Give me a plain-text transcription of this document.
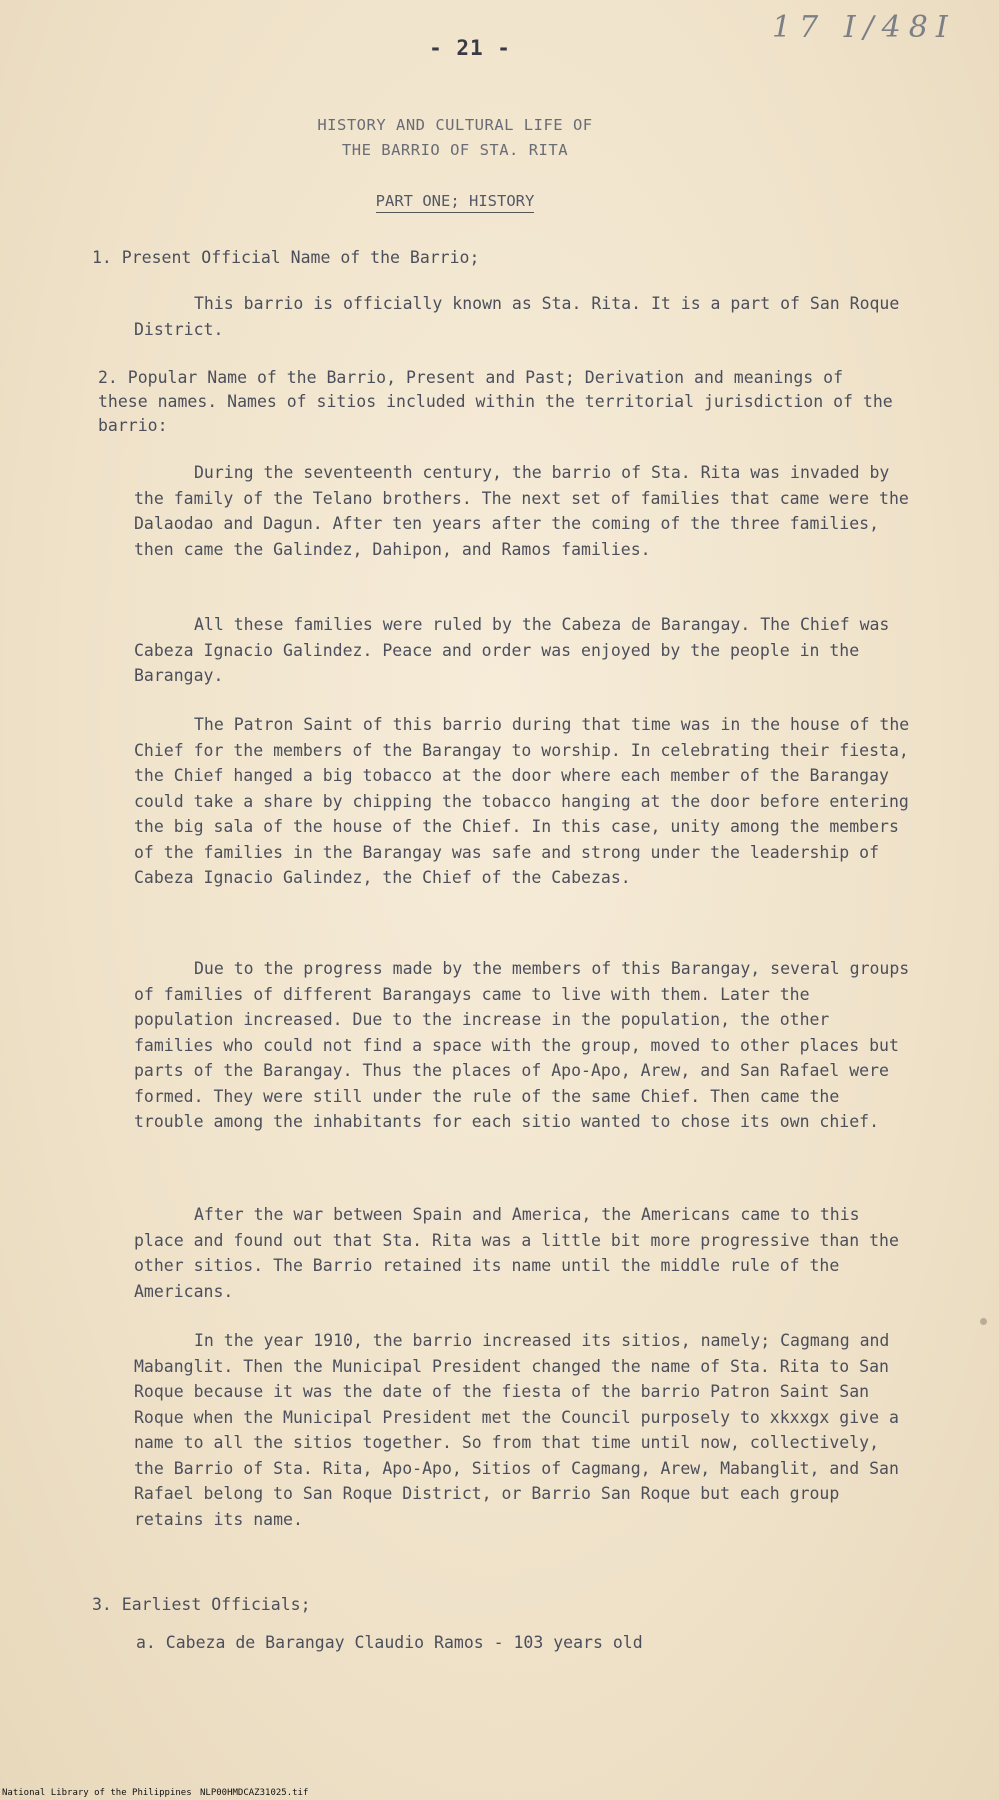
- 21 -
17 I/48I
HISTORY AND CULTURAL LIFE OF
THE BARRIO OF STA. RITA
PART ONE; HISTORY
1. Present Official Name of the Barrio;
This barrio is officially known as Sta. Rita. It is a part of San Roque District.
2. Popular Name of the Barrio, Present and Past; Derivation and meanings of these names. Names of sitios included within the territorial jurisdiction of the barrio:
During the seventeenth century, the barrio of Sta. Rita was invaded by the family of the Telano brothers. The next set of families that came were the Dalaodao and Dagun. After ten years after the coming of the three families, then came the Galindez, Dahipon, and Ramos families.
All these families were ruled by the Cabeza de Barangay. The Chief was Cabeza Ignacio Galindez. Peace and order was enjoyed by the people in the Barangay.
The Patron Saint of this barrio during that time was in the house of the Chief for the members of the Barangay to worship. In celebrating their fiesta, the Chief hanged a big tobacco at the door where each member of the Barangay could take a share by chipping the tobacco hanging at the door before entering the big sala of the house of the Chief. In this case, unity among the members of the families in the Barangay was safe and strong under the leadership of Cabeza Ignacio Galindez, the Chief of the Cabezas.
Due to the progress made by the members of this Barangay, several groups of families of different Barangays came to live with them. Later the population increased. Due to the increase in the population, the other families who could not find a space with the group, moved to other places but parts of the Barangay. Thus the places of Apo-Apo, Arew, and San Rafael were formed. They were still under the rule of the same Chief. Then came the trouble among the inhabitants for each sitio wanted to chose its own chief.
After the war between Spain and America, the Americans came to this place and found out that Sta. Rita was a little bit more progressive than the other sitios. The Barrio retained its name until the middle rule of the Americans.
In the year 1910, the barrio increased its sitios, namely; Cagmang and Mabanglit. Then the Municipal President changed the name of Sta. Rita to San Roque because it was the date of the fiesta of the barrio Patron Saint San Roque when the Municipal President met the Council purposely to xkxxgx give a name to all the sitios together. So from that time until now, collectively, the Barrio of Sta. Rita, Apo-Apo, Sitios of Cagmang, Arew, Mabanglit, and San Rafael belong to San Roque District, or Barrio San Roque but each group retains its name.
3. Earliest Officials;
a. Cabeza de Barangay Claudio Ramos - 103 years old
National Library of the Philippines NLP00HMDCAZ31025.tif
